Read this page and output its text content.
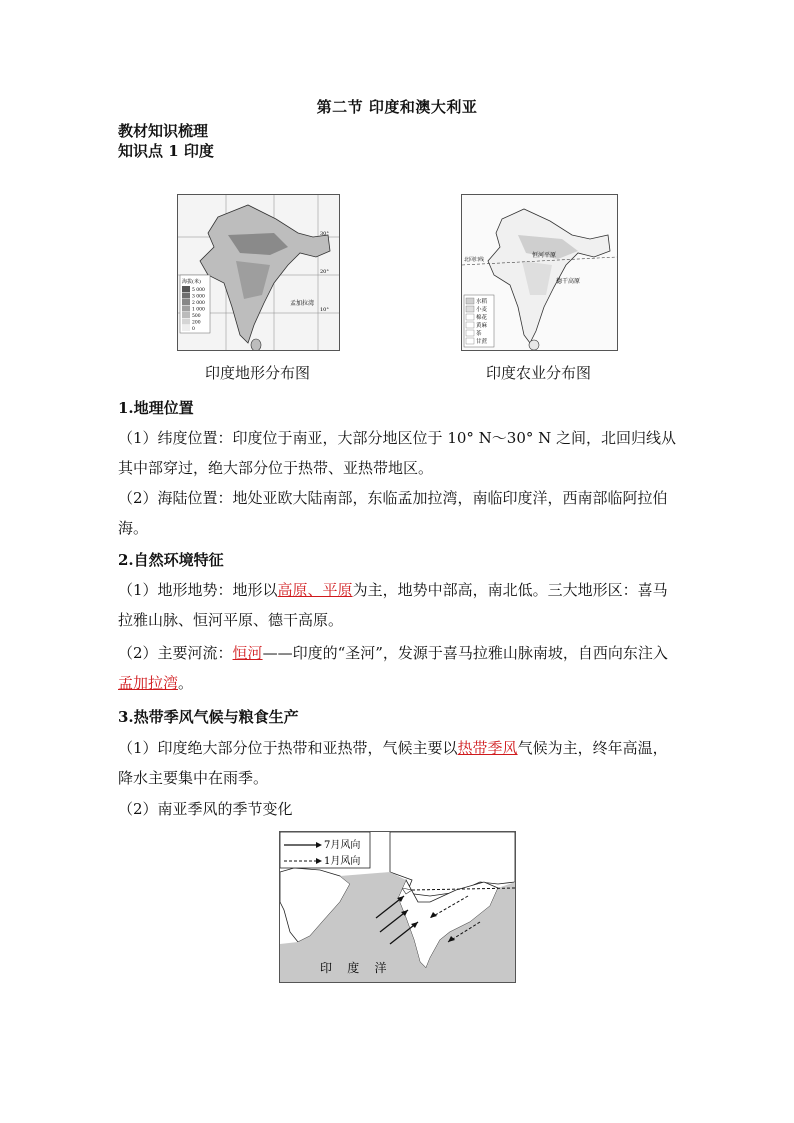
第二节 印度和澳大利亚
教材知识梳理
知识点 1 印度
海拔(米)
5 000
3 000
2 000
1 000
500
200
0
孟加拉湾
30°
20°
10°
印度地形分布图
北回归线
恒河平原
德干高原
水稻
小麦
棉花
黄麻
茶
甘蔗
印度农业分布图
1.地理位置
（1）纬度位置：印度位于南亚，大部分地区位于 10° N～30° N 之间，北回归线从其中部穿过，绝大部分位于热带、亚热带地区。
（2）海陆位置：地处亚欧大陆南部，东临孟加拉湾，南临印度洋，西南部临阿拉伯海。
2.自然环境特征
（1）地形地势：地形以高原、平原为主，地势中部高，南北低。三大地形区：喜马拉雅山脉、恒河平原、德干高原。
（2）主要河流：恒河——印度的“圣河”，发源于喜马拉雅山脉南坡，自西向东注入孟加拉湾。
3.热带季风气候与粮食生产
（1）印度绝大部分位于热带和亚热带，气候主要以热带季风气候为主，终年高温，降水主要集中在雨季。
（2）南亚季风的季节变化
7月风向
1月风向
印    度    洋
